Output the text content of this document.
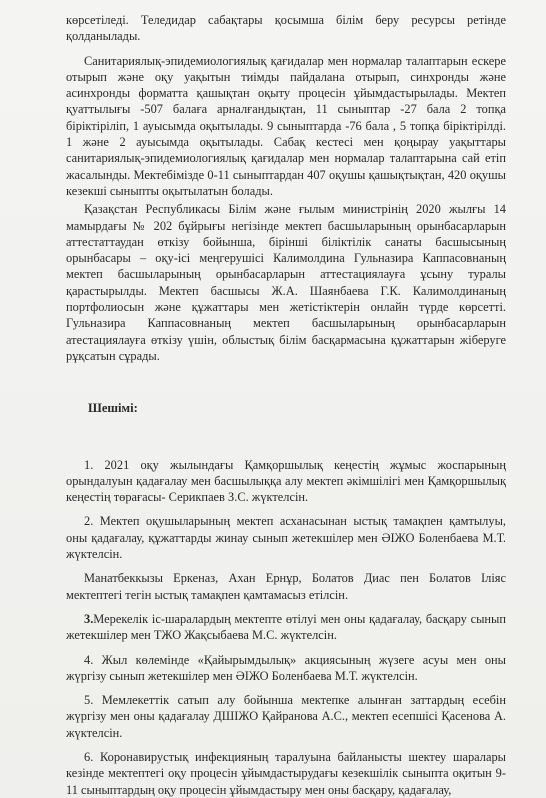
көрсетіледі. Теледидар сабақтары қосымша білім беру ресурсы ретінде қолданылады.

Санитариялық-эпидемиологиялық қағидалар мен нормалар талаптарын ескере отырып және оқу уақытын тиімды пайдалана отырып, синхронды және асинхронды форматта қашықтан оқыту процесін ұйымдастырылады. Мектеп қуаттылығы -507 балаға арналғандықтан, 11 сыныптар -27 бала 2 топқа біріктіріліп, 1 ауысымда оқытылады. 9 сыныптарда -76 бала , 5 топқа біріктірілді. 1 және 2 ауысымда оқытылады. Сабақ кестесі мен қоңырау уақыттары санитариялық-эпидемиологиялық қағидалар мен нормалар талаптарына сай етіп жасалынды. Мектебімізде 0-11 сыныптардан 407 оқушы қашықтықтан, 420 оқушы кезекші сыныпты оқытылатын болады.

Қазақстан Республикасы Білім және ғылым министрінің 2020 жылғы 14 мамырдағы № 202 бұйрығы негізінде мектеп басшыларының орынбасарларын аттестаттаудан өткізу бойынша, бірінші біліктілік санаты басшысының орынбасары – оқу-ісі меңгерушісі Калимолдина Гульназира Каппасовнаның мектеп басшыларының орынбасарларын аттестациялауға ұсыну туралы қарастырылды. Мектеп басшысы Ж.А. Шаянбаева Г.К. Калимолдинаның портфолиосын және құжаттары мен жетістіктерін онлайн түрде көрсетті. Гульназира Каппасовнаның мектеп басшыларының орынбасарларын атестациялауға өткізу үшін, облыстық білім басқармасына құжаттарын жіберуге рұқсатын сұрады.

Шешімі:

1. 2021 оқу жылындағы Қамқоршылық кеңестің жұмыс жоспарының орындалуын қадағалау мен басшылыққа алу мектеп әкімшілігі мен Қамқоршылық кеңестің төрағасы- Серикпаев З.С. жүктелсін.

2. Мектеп оқушыларының мектеп асханасынан ыстық тамақпен қамтылуы, оны қадағалау, құжаттарды жинау сынып жетекшілер мен ӘІЖО Боленбаева М.Т. жүктелсін.

Манатбеккызы Еркеназ, Ахан Ернұр, Болатов Диас пен Болатов Іліяс мектептегі тегін ыстық тамақпен қамтамасыз етілсін.

3.Мерекелік іс-шаралардың мектепте өтілуі мен оны қадағалау, басқару сынып жетекшілер мен ТЖО Жақсыбаева М.С. жүктелсін.

4. Жыл көлемінде «Қайырымдылық» акциясының жүзеге асуы мен оны жүргізу сынып жетекшілер мен ӘІЖО Боленбаева М.Т. жүктелсін.

5. Мемлекеттік сатып алу бойынша мектепке алынған заттардың есебін жүргізу мен оны қадағалау ДШІЖО Қайранова А.С., мектеп есепшісі Қасенова А. жүктелсін.

6. Коронавирустық инфекцияның таралуына байланысты шектеу шаралары кезінде мектептегі оқу процесін ұйымдастырудағы кезекшілік сыныпта оқитын 9-11 сыныптардың оқу процесін ұйымдастыру мен оны басқару, қадағалау,
